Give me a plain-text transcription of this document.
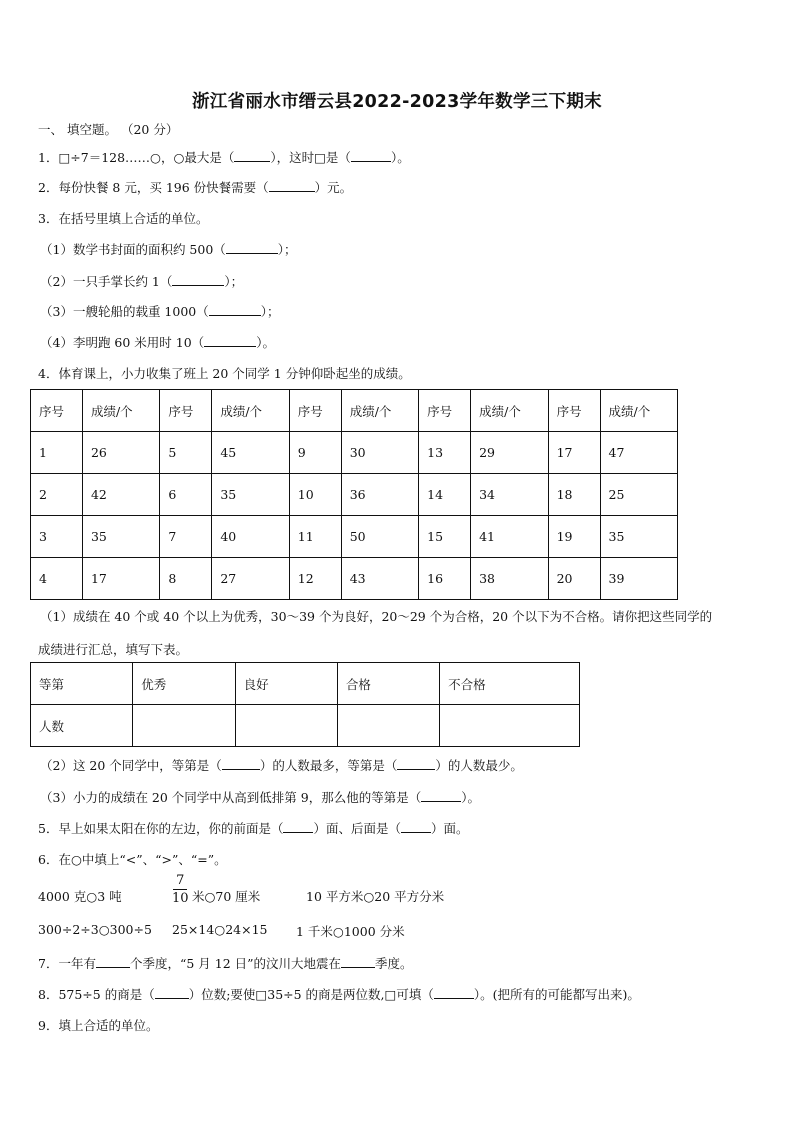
浙江省丽水市缙云县2022-2023学年数学三下期末
一、 填空题。 （20 分）
1．□÷7＝128……○，○最大是（	），这时□是（	）。
2．每份快餐 8 元，买 196 份快餐需要（	）元。
3．在括号里填上合适的单位。
（1）数学书封面的面积约 500（	）；
（2）一只手掌长约 1（	）；
（3）一艘轮船的载重 1000（	）；
（4）李明跑 60 米用时 10（	）。
4．体育课上，小力收集了班上 20 个同学 1 分钟仰卧起坐的成绩。
序号	成绩/个	序号	成绩/个	序号	成绩/个	序号	成绩/个	序号	成绩/个
1	26	5	45	9	30	13	29	17	47
2	42	6	35	10	36	14	34	18	25
3	35	7	40	11	50	15	41	19	35
4	17	8	27	12	43	16	38	20	39
（1）成绩在 40 个或 40 个以上为优秀，30～39 个为良好，20～29 个为合格，20 个以下为不合格。请你把这些同学的
成绩进行汇总，填写下表。
等第	优秀	良好	合格	不合格
人数				
（2）这 20 个同学中，等第是（	）的人数最多，等第是（	）的人数最少。
（3）小力的成绩在 20 个同学中从高到低排第 9，那么他的等第是（	）。
5．早上如果太阳在你的左边，你的前面是（ ）面、后面是（ ）面。
6．在○中填上“<”、“>”、“=”。
4000 克○3 吨
7
10 米○70 厘米	10 平方米○20 平方分米
300÷2÷3○300÷5 25×14○24×15 1 千米○1000 分米
7．一年有	个季度，“5 月 12 日”的汶川大地震在	季度。
8．575÷5 的商是（	）位数;要使□35÷5 的商是两位数,□可填（	）。(把所有的可能都写出来)。
9．填上合适的单位。
